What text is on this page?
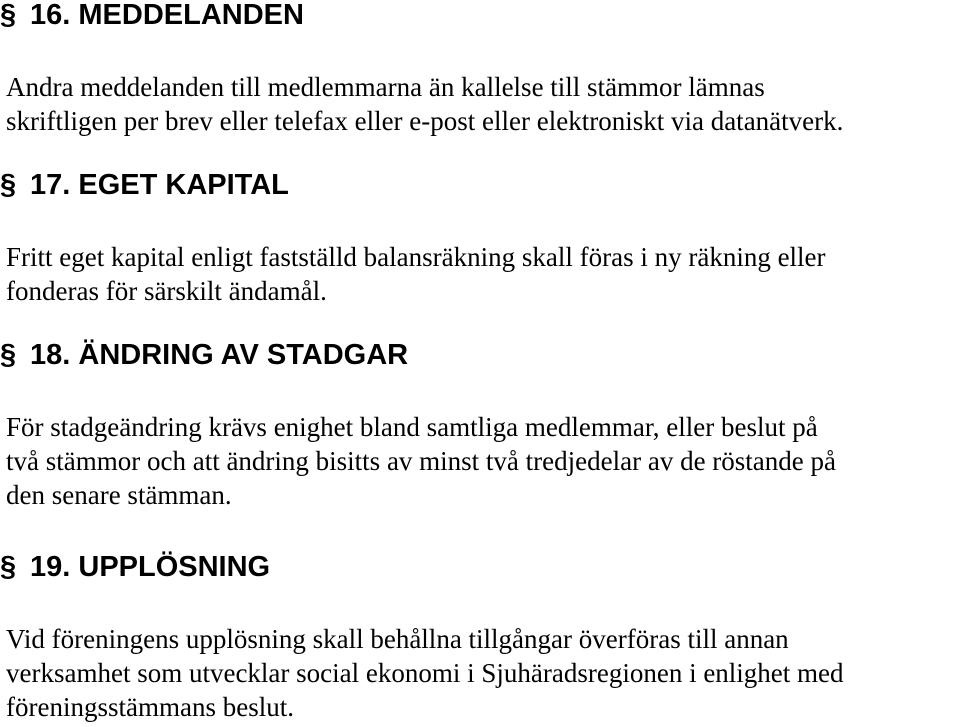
§ 16. MEDDELANDEN
Andra meddelanden till medlemmarna än kallelse till stämmor lämnas
skriftligen per brev eller telefax eller e-post eller elektroniskt via datanätverk.
§ 17. EGET KAPITAL
Fritt eget kapital enligt fastställd balansräkning skall föras i ny räkning eller
fonderas för särskilt ändamål.
§ 18. ÄNDRING AV STADGAR
För stadgeändring krävs enighet bland samtliga medlemmar, eller beslut på
två stämmor och att ändring bisitts av minst två tredjedelar av de röstande på
den senare stämman.
§ 19. UPPLÖSNING
Vid föreningens upplösning skall behållna tillgångar överföras till annan
verksamhet som utvecklar social ekonomi i Sjuhäradsregionen i enlighet med
föreningsstämmans beslut.
